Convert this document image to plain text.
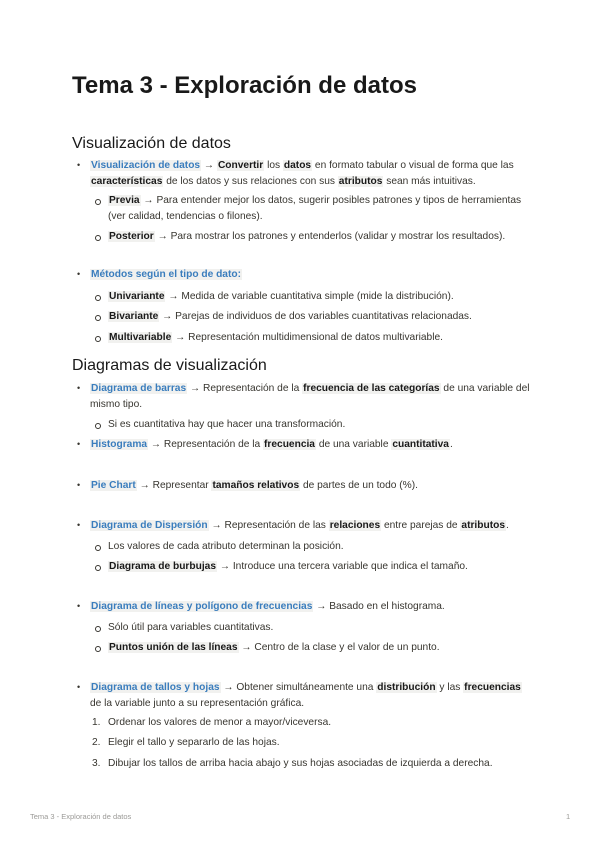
Tema 3 - Exploración de datos
Visualización de datos
• Visualización de datos → Convertir los datos en formato tabular o visual de forma que las características de los datos y sus relaciones con sus atributos sean más intuitivas.
Previa → Para entender mejor los datos, sugerir posibles patrones y tipos de herramientas (ver calidad, tendencias o filones).
Posterior → Para mostrar los patrones y entenderlos (validar y mostrar los resultados).
• Métodos según el tipo de dato:
Univariante → Medida de variable cuantitativa simple (mide la distribución).
Bivariante → Parejas de individuos de dos variables cuantitativas relacionadas.
Multivariable → Representación multidimensional de datos multivariable.
Diagramas de visualización
• Diagrama de barras → Representación de la frecuencia de las categorías de una variable del mismo tipo.
Si es cuantitativa hay que hacer una transformación.
• Histograma → Representación de la frecuencia de una variable cuantitativa.
• Pie Chart → Representar tamaños relativos de partes de un todo (%).
• Diagrama de Dispersión → Representación de las relaciones entre parejas de atributos.
Los valores de cada atributo determinan la posición.
Diagrama de burbujas → Introduce una tercera variable que indica el tamaño.
• Diagrama de líneas y polígono de frecuencias → Basado en el histograma.
Sólo útil para variables cuantitativas.
Puntos unión de las líneas → Centro de la clase y el valor de un punto.
• Diagrama de tallos y hojas → Obtener simultáneamente una distribución y las frecuencias de la variable junto a su representación gráfica.
1. Ordenar los valores de menor a mayor/viceversa.
2. Elegir el tallo y separarlo de las hojas.
3. Dibujar los tallos de arriba hacia abajo y sus hojas asociadas de izquierda a derecha.
Tema 3 - Exploración de datos	1
